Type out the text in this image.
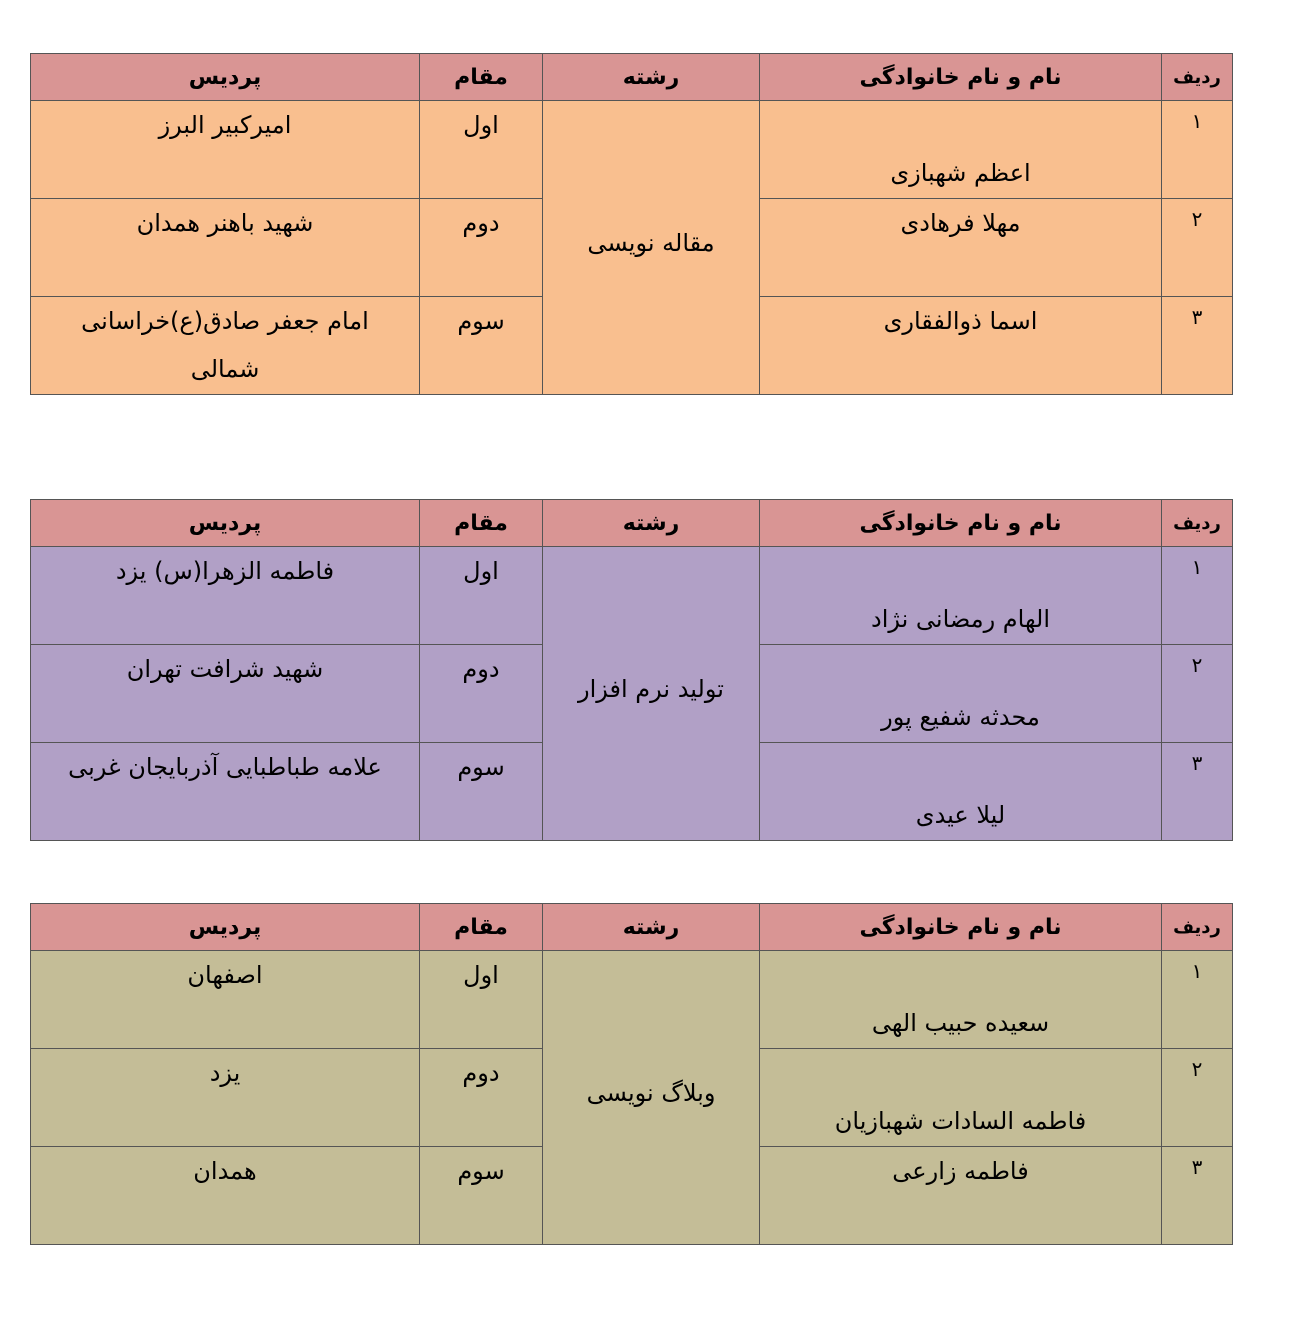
ردیف	نام و نام خانوادگی	رشته	مقام	پردیس
۱	اعظم شهبازی	مقاله نویسی	اول	امیرکبیر البرز
۲	مهلا فرهادی		دوم	شهید باهنر همدان
۳	اسما ذوالفقاری		سوم	امام جعفر صادق(ع)خراسانی شمالی
ردیف	نام و نام خانوادگی	رشته	مقام	پردیس
۱	الهام رمضانی نژاد	تولید نرم افزار	اول	فاطمه الزهرا(س) یزد
۲	محدثه شفیع پور		دوم	شهید شرافت تهران
۳	لیلا عیدی		سوم	علامه طباطبایی آذربایجان غربی
ردیف	نام و نام خانوادگی	رشته	مقام	پردیس
۱	سعیده حبیب الهی	وبلاگ نویسی	اول	اصفهان
۲	فاطمه السادات شهبازیان		دوم	یزد
۳	فاطمه زارعی		سوم	همدان
